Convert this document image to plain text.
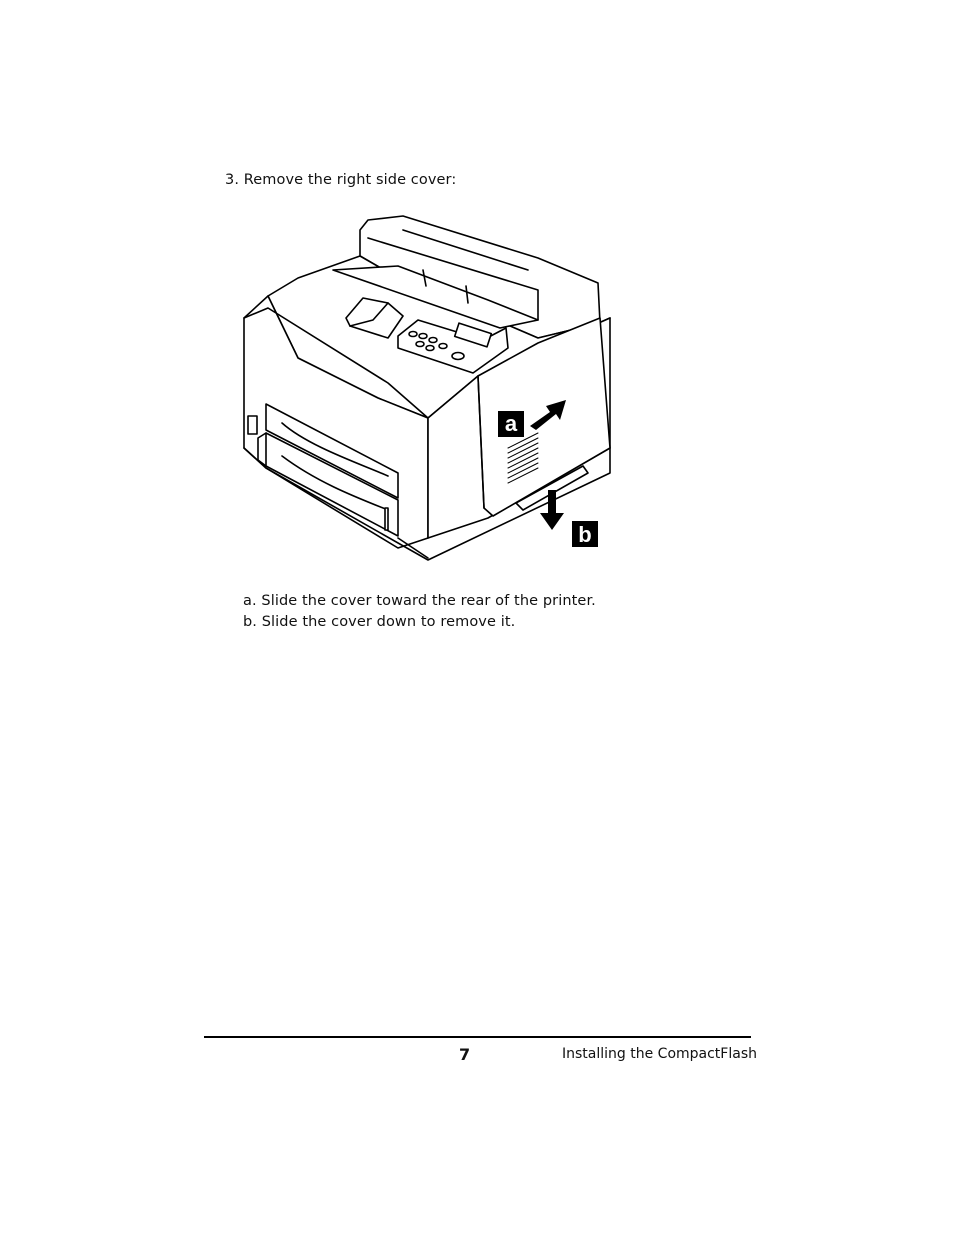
3. Remove the right side cover:
a
b
a. Slide the cover toward the rear of the printer.
b. Slide the cover down to remove it.
7	Installing the CompactFlash
